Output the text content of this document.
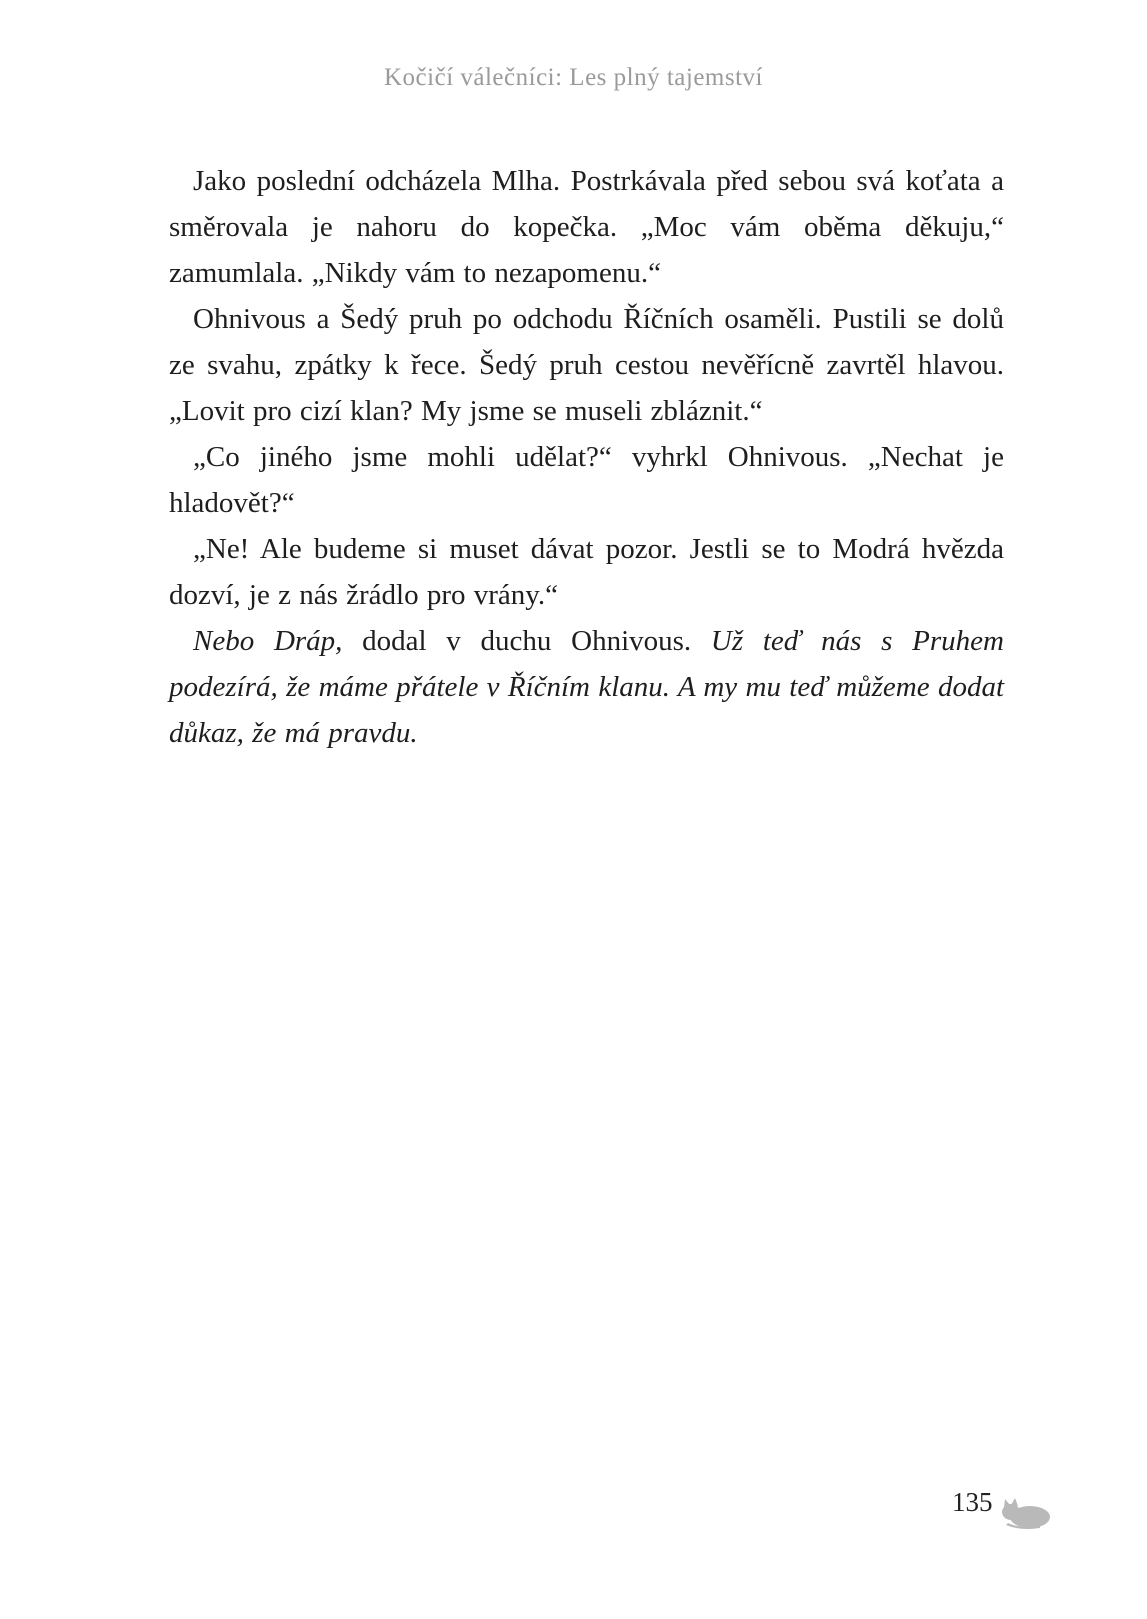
Kočičí válečníci: Les plný tajemství

Jako poslední odcházela Mlha. Postrkávala před sebou svá koťata a směrovala je nahoru do kopečka. „Moc vám oběma děkuju,“ zamumlala. „Nikdy vám to nezapomenu.“

Ohnivous a Šedý pruh po odchodu Říčních osaměli. Pustili se dolů ze svahu, zpátky k řece. Šedý pruh cestou nevěřícně zavrtěl hlavou. „Lovit pro cizí klan? My jsme se museli zbláznit.“

„Co jiného jsme mohli udělat?“ vyhrkl Ohnivous. „Nechat je hladovět?“

„Ne! Ale budeme si muset dávat pozor. Jestli se to Modrá hvězda dozví, je z nás žrádlo pro vrány.“

Nebo Dráp, dodal v duchu Ohnivous. Už teď nás s Pruhem podezírá, že máme přátele v Říčním klanu. A my mu teď můžeme dodat důkaz, že má pravdu.

135
